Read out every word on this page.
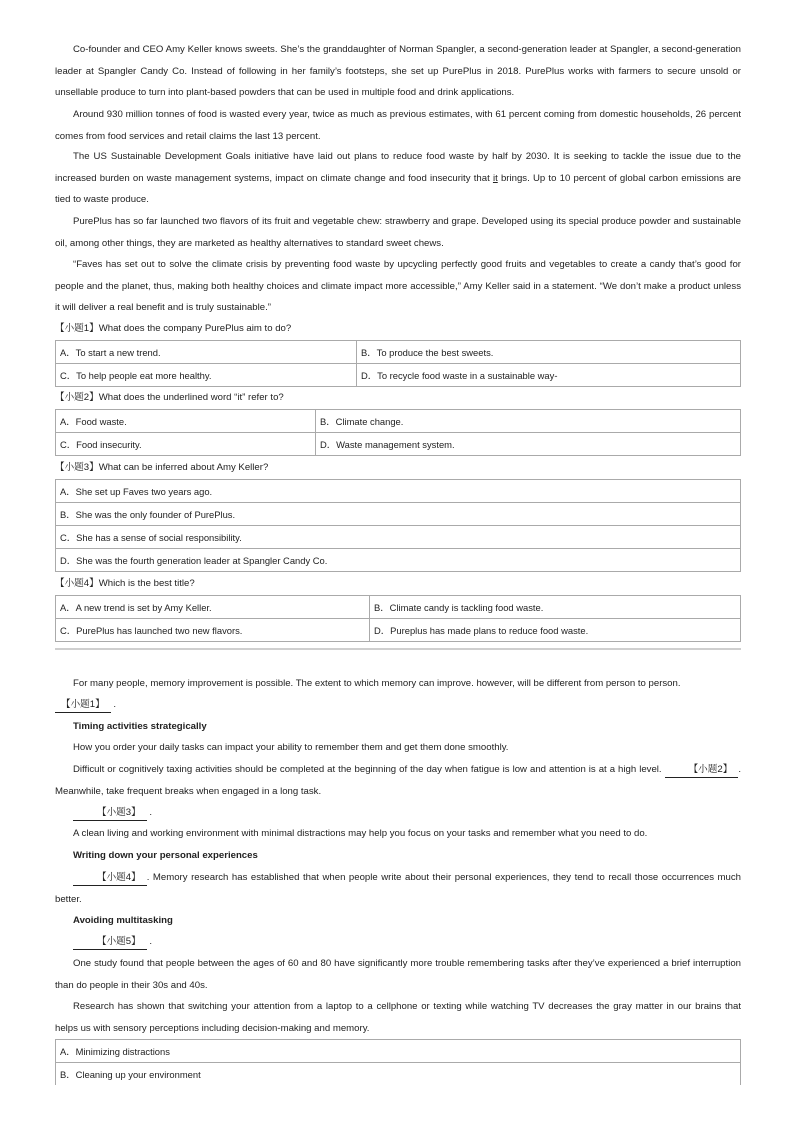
Co-founder and CEO Amy Keller knows sweets. She’s the granddaughter of Norman Spangler, a second-generation leader at Spangler, a second-generation leader at Spangler Candy Co. Instead of following in her family’s footsteps, she set up PurePlus in 2018. PurePlus works with farmers to secure unsold or unsellable produce to turn into plant-based powders that can be used in multiple food and drink applications.

Around 930 million tonnes of food is wasted every year, twice as much as previous estimates, with 61 percent coming from domestic households, 26 percent comes from food services and retail claims the last 13 percent.

The US Sustainable Development Goals initiative have laid out plans to reduce food waste by half by 2030. It is seeking to tackle the issue due to the increased burden on waste management systems, impact on climate change and food insecurity that it brings. Up to 10 percent of global carbon emissions are tied to waste produce.

PurePlus has so far launched two flavors of its fruit and vegetable chew: strawberry and grape. Developed using its special produce powder and sustainable oil, among other things, they are marketed as healthy alternatives to standard sweet chews.

“Faves has set out to solve the climate crisis by preventing food waste by upcycling perfectly good fruits and vegetables to create a candy that’s good for people and the planet, thus, making both healthy choices and climate impact more accessible,” Amy Keller said in a statement. “We don’t make a product unless it will deliver a real benefit and is truly sustainable.”

【小题1】What does the company PurePlus aim to do?

A．To start a new trend.	B．To produce the best sweets.
C．To help people eat more healthy.	D．To recycle food waste in a sustainable way-

【小题2】What does the underlined word “it” refer to?

A．Food waste.	B．Climate change.
C．Food insecurity.	D．Waste management system.

【小题3】What can be inferred about Amy Keller?

A．She set up Faves two years ago.
B．She was the only founder of PurePlus.
C．She has a sense of social responsibility.
D．She was the fourth generation leader at Spangler Candy Co.

【小题4】Which is the best title?

A．A new trend is set by Amy Keller.	B．Climate candy is tackling food waste.
C．PurePlus has launched two new flavors.	D．Pureplus has made plans to reduce food waste.

For many people, memory improvement is possible. The extent to which memory can improve. however, will be different from person to person.

【小题1】 .

Timing activities strategically

How you order your daily tasks can impact your ability to remember them and get them done smoothly.

Difficult or cognitively taxing activities should be completed at the beginning of the day when fatigue is low and attention is at a high level.	【小题2】 . Meanwhile, take frequent breaks when engaged in a long task.

【小题3】 .

A clean living and working environment with minimal distractions may help you focus on your tasks and remember what you need to do.

Writing down your personal experiences

【小题4】 . Memory research has established that when people write about their personal experiences, they tend to recall those occurrences much better.

Avoiding multitasking

【小题5】 .

One study found that people between the ages of 60 and 80 have significantly more trouble remembering tasks after they’ve experienced a brief interruption than do people in their 30s and 40s.

Research has shown that switching your attention from a laptop to a cellphone or texting while watching TV decreases the gray matter in our brains that helps us with sensory perceptions including decision-making and memory.

A．Minimizing distractions
B．Cleaning up your environment
